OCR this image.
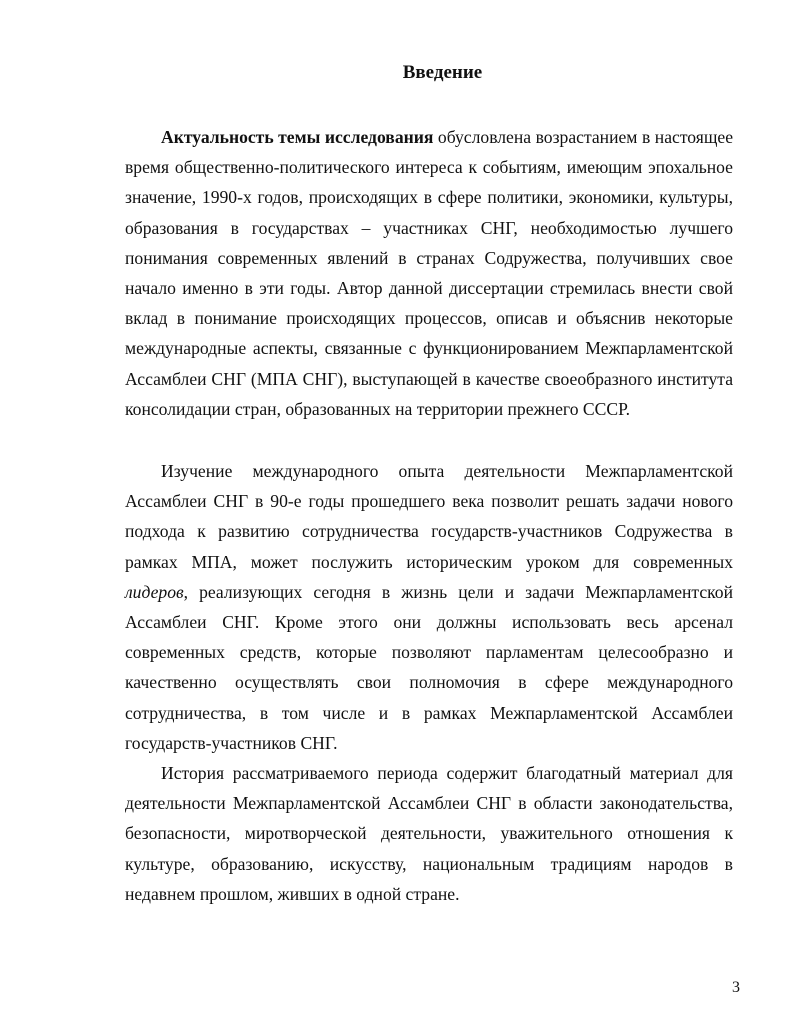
Введение

Актуальность темы исследования обусловлена возрастанием в настоящее время общественно-политического интереса к событиям, имеющим эпохальное значение, 1990-х годов, происходящих в сфере политики, экономики, культуры, образования в государствах – участниках СНГ, необходимостью лучшего понимания современных явлений в странах Содружества, получивших свое начало именно в эти годы. Автор данной диссертации стремилась внести свой вклад в понимание происходящих процессов, описав и объяснив некоторые международные аспекты, связанные с функционированием Межпарламентской Ассамблеи СНГ (МПА СНГ), выступающей в качестве своеобразного института консолидации стран, образованных на территории прежнего СССР.

Изучение международного опыта деятельности Межпарламентской Ассамблеи СНГ в 90-е годы прошедшего века позволит решать задачи нового подхода к развитию сотрудничества государств-участников Содружества в рамках МПА, может послужить историческим уроком для современных лидеров, реализующих сегодня в жизнь цели и задачи Межпарламентской Ассамблеи СНГ. Кроме этого они должны использовать весь арсенал современных средств, которые позволяют парламентам целесообразно и качественно осуществлять свои полномочия в сфере международного сотрудничества, в том числе и в рамках Межпарламентской Ассамблеи государств-участников СНГ.

История рассматриваемого периода содержит благодатный материал для деятельности Межпарламентской Ассамблеи СНГ в области законодательства, безопасности, миротворческой деятельности, уважительного отношения к культуре, образованию, искусству, национальным традициям народов в недавнем прошлом, живших в одной стране.

3
